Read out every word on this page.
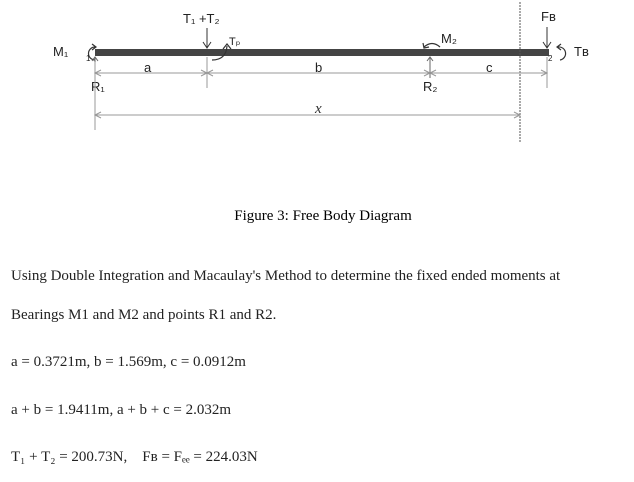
T₁ +T₂
Tₚ
M₁ 1
M₂
Fʙ
Tʙ
2
R₁	R₂
a	b	c
x
Figure 3: Free Body Diagram
Using Double Integration and Macaulay's Method to determine the fixed ended moments at
Bearings M1 and M2 and points R1 and R2.
a = 0.3721m, b = 1.569m, c = 0.0912m
a + b = 1.9411m, a + b + c = 2.032m
T₁ + T₂ = 200.73N,    Fʙ = Fₑₑ = 224.03N
